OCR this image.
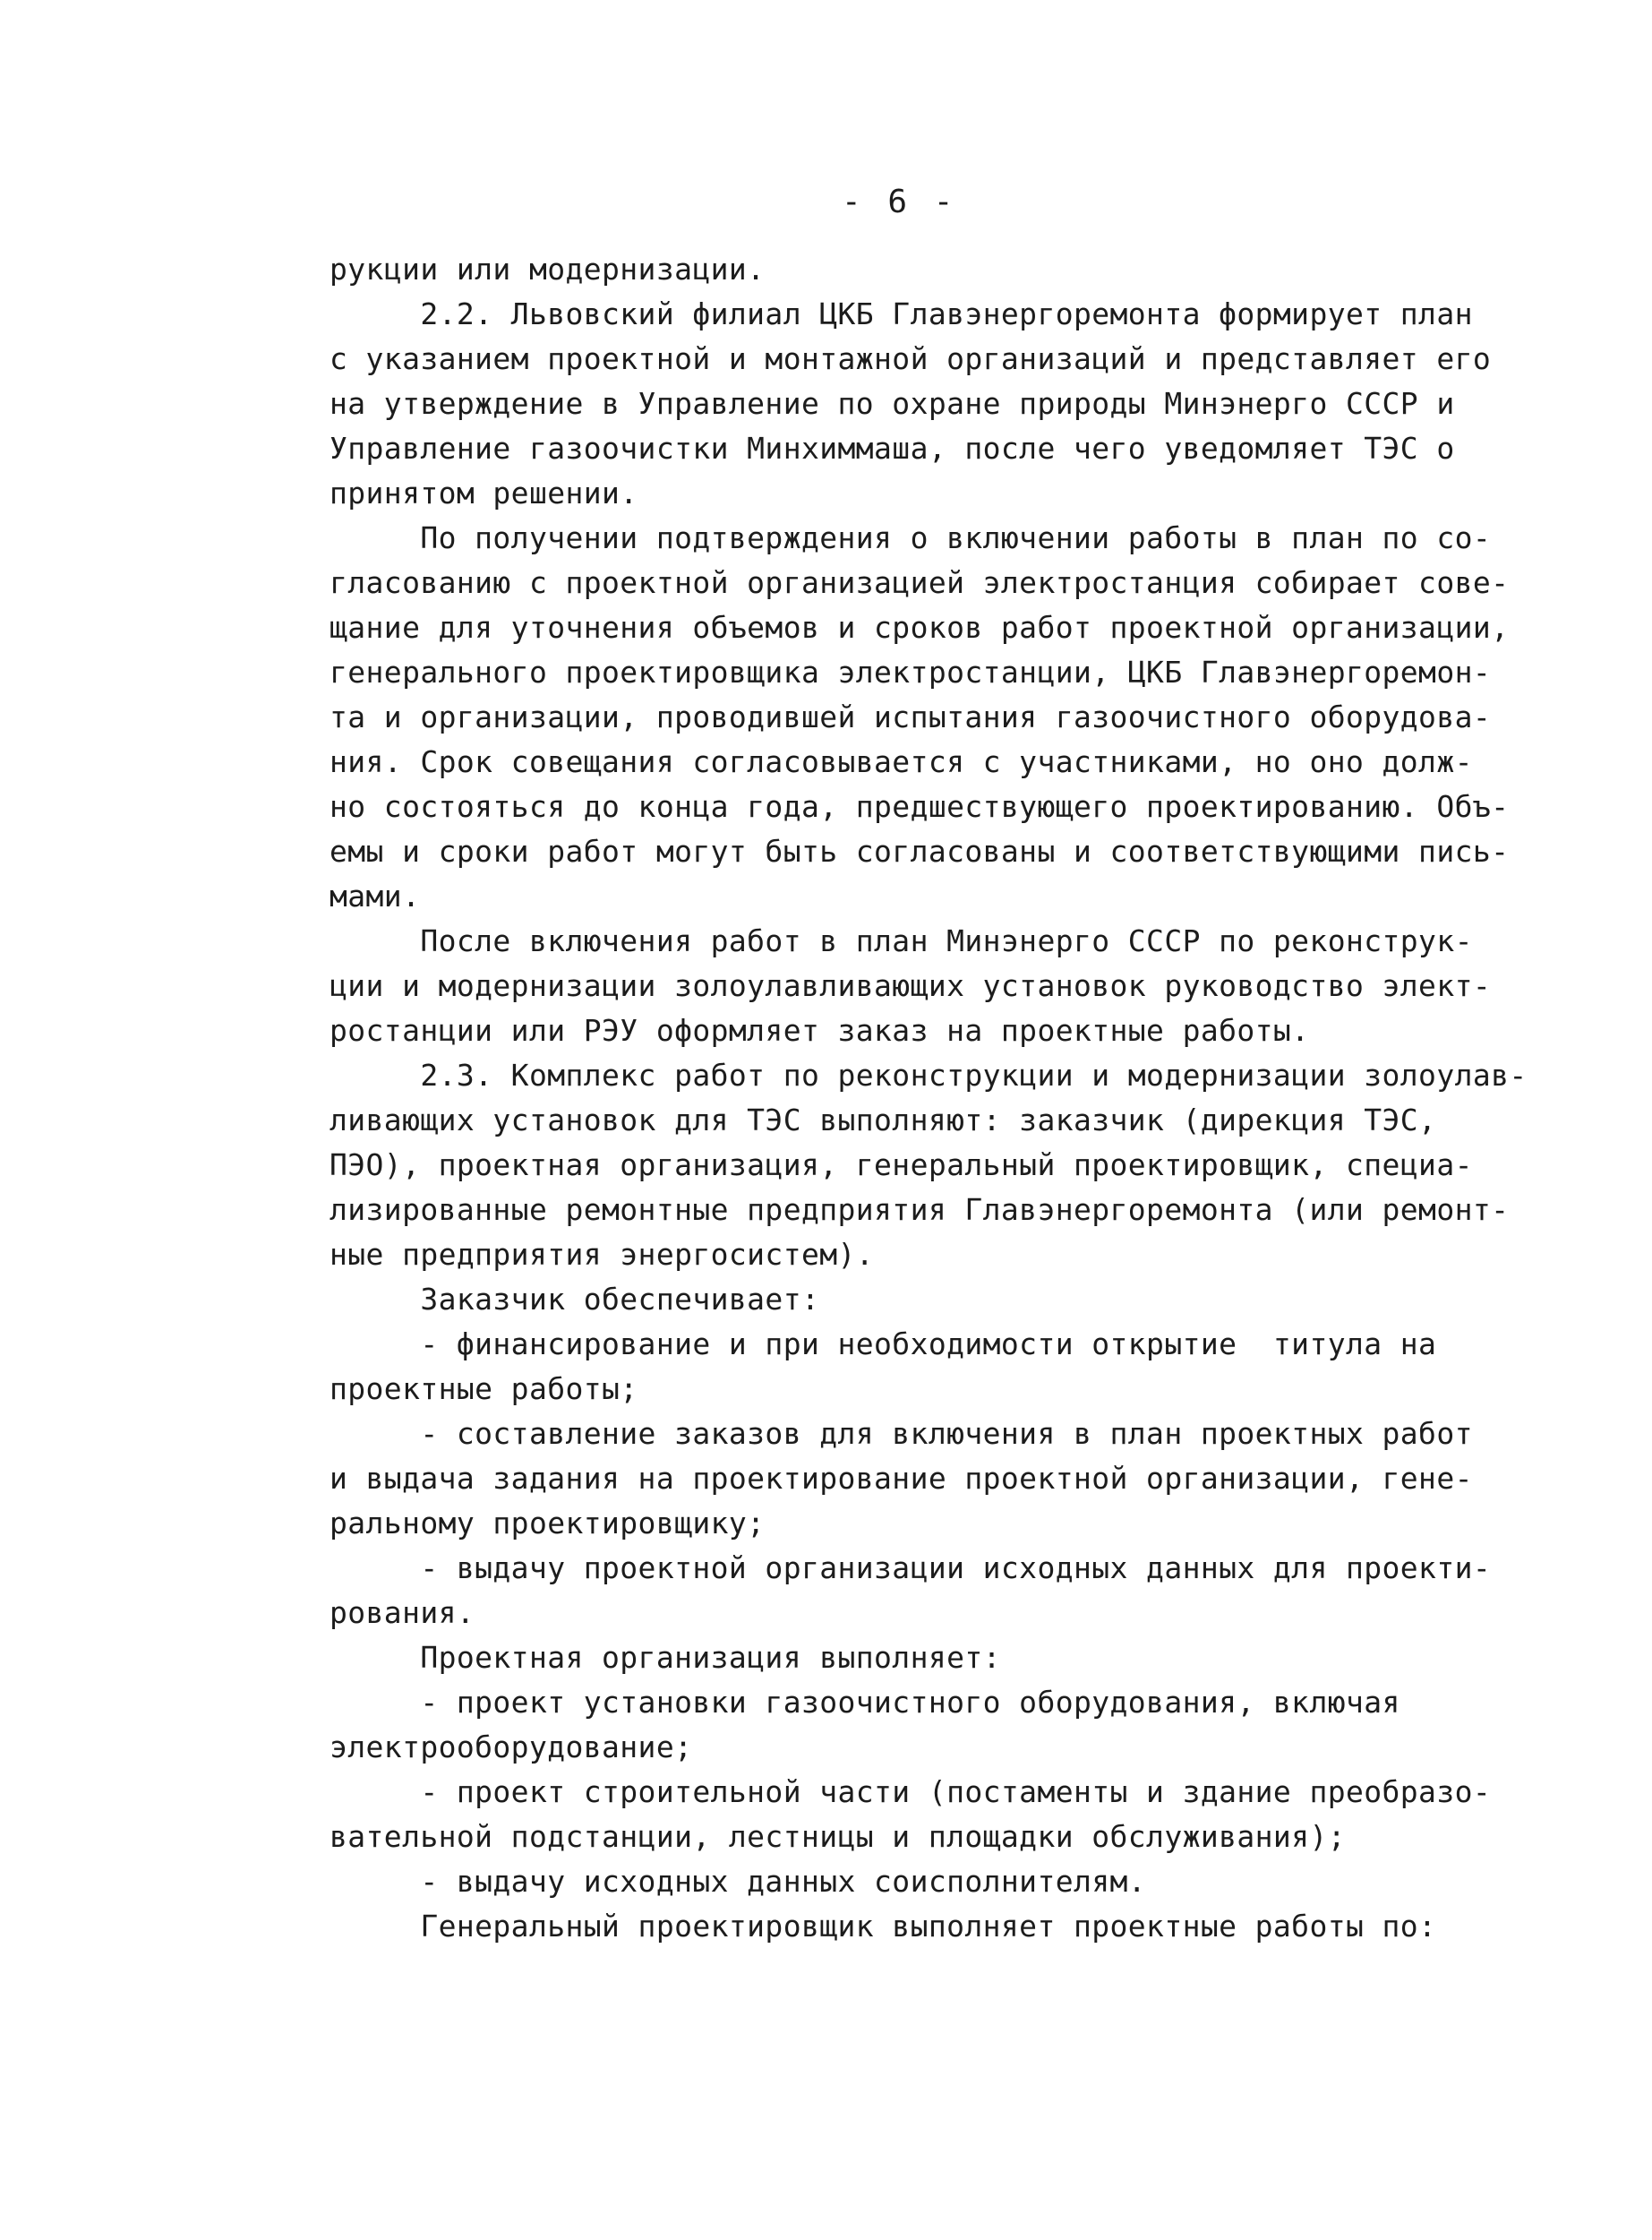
- 6 -
рукции или модернизации.
2.2. Львовский филиал ЦКБ Главэнергоремонта формирует план
с указанием проектной и монтажной организаций и представляет его
на утверждение в Управление по охране природы Минэнерго СССР и
Управление газоочистки Минхиммаша, после чего уведомляет ТЭС о
принятом решении.
По получении подтверждения о включении работы в план по со-
гласованию с проектной организацией электростанция собирает сове-
щание для уточнения объемов и сроков работ проектной организации,
генерального проектировщика электростанции, ЦКБ Главэнергоремон-
та и организации, проводившей испытания газоочистного оборудова-
ния. Срок совещания согласовывается с участниками, но оно долж-
но состояться до конца года, предшествующего проектированию. Объ-
емы и сроки работ могут быть согласованы и соответствующими пись-
мами.
После включения работ в план Минэнерго СССР по реконструк-
ции и модернизации золоулавливающих установок руководство элект-
ростанции или РЭУ оформляет заказ на проектные работы.
2.3. Комплекс работ по реконструкции и модернизации золоулав-
ливающих установок для ТЭС выполняют: заказчик (дирекция ТЭС,
ПЭО), проектная организация, генеральный проектировщик, специа-
лизированные ремонтные предприятия Главэнергоремонта (или ремонт-
ные предприятия энергосистем).
Заказчик обеспечивает:
- финансирование и при необходимости открытие  титула на
проектные работы;
- составление заказов для включения в план проектных работ
и выдача задания на проектирование проектной организации, гене-
ральному проектировщику;
- выдачу проектной организации исходных данных для проекти-
рования.
Проектная организация выполняет:
- проект установки газоочистного оборудования, включая
электрооборудование;
- проект строительной части (постаменты и здание преобразо-
вательной подстанции, лестницы и площадки обслуживания);
- выдачу исходных данных соисполнителям.
Генеральный проектировщик выполняет проектные работы по:
